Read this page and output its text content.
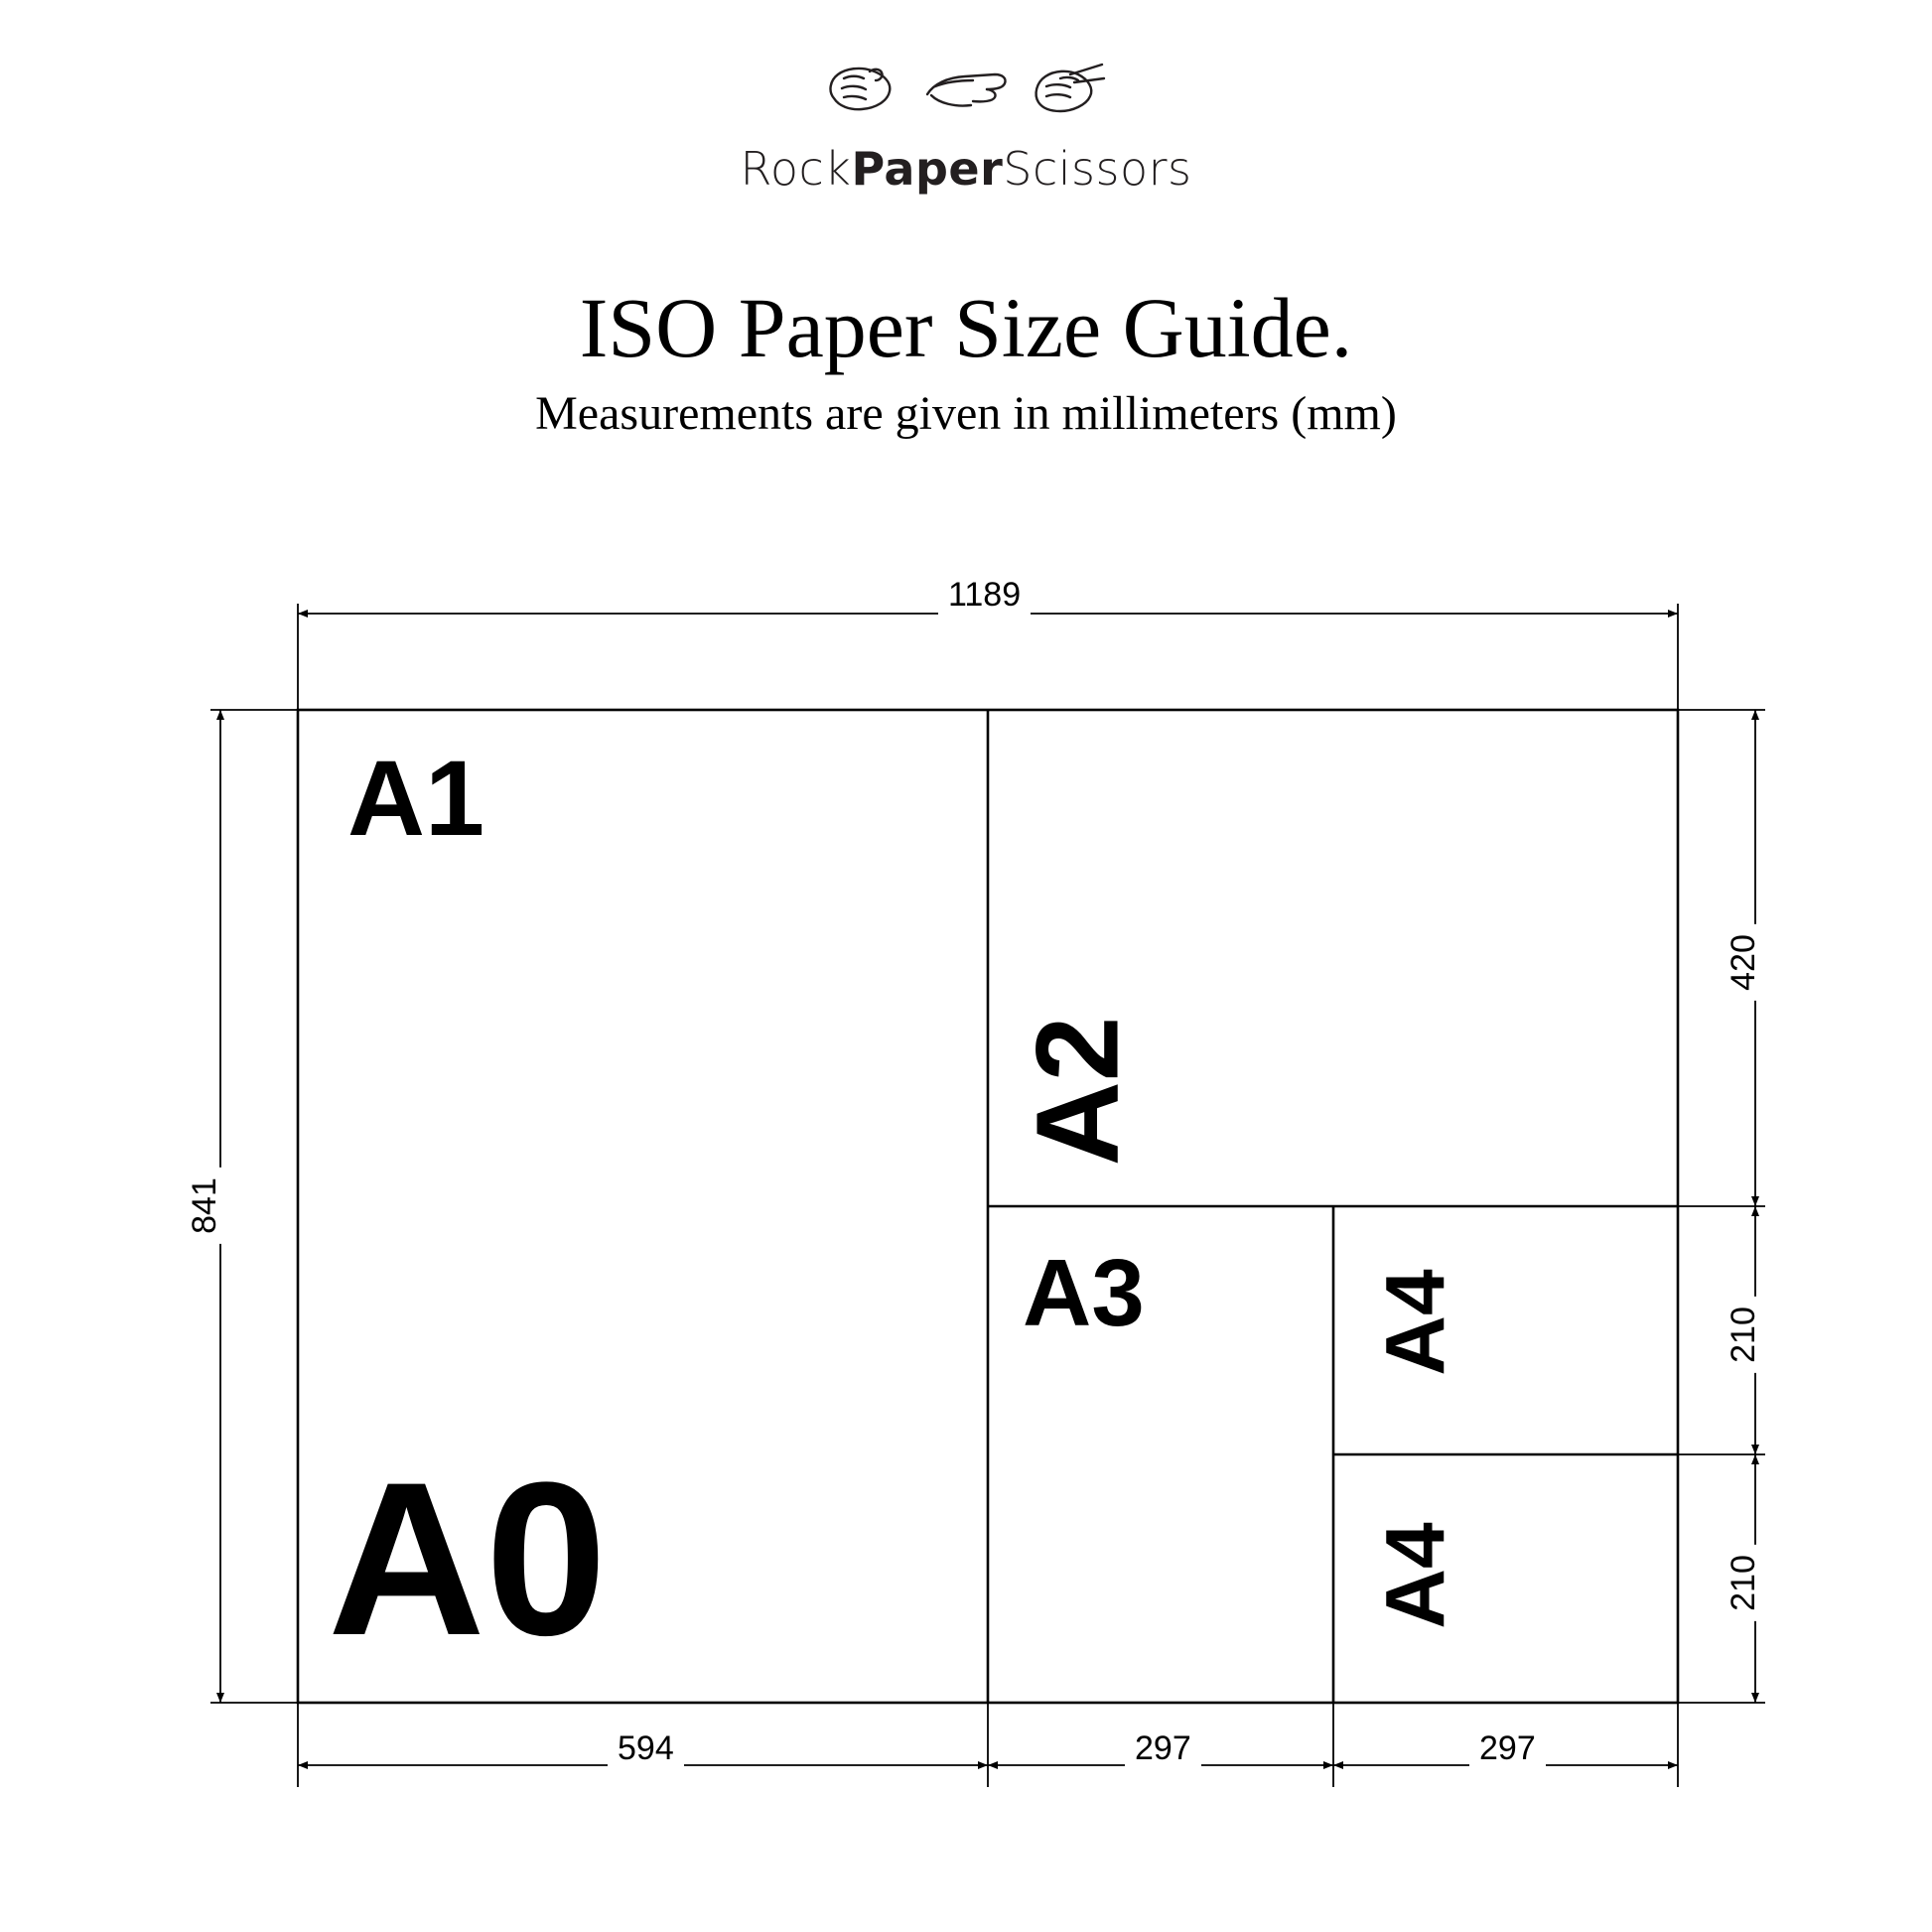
RockPaperScissors
ISO Paper Size Guide.
Measurements are given in millimeters (mm)
1189
841
420
210
210
594	297	297
A1
A0
A2
A3	A4
A4
